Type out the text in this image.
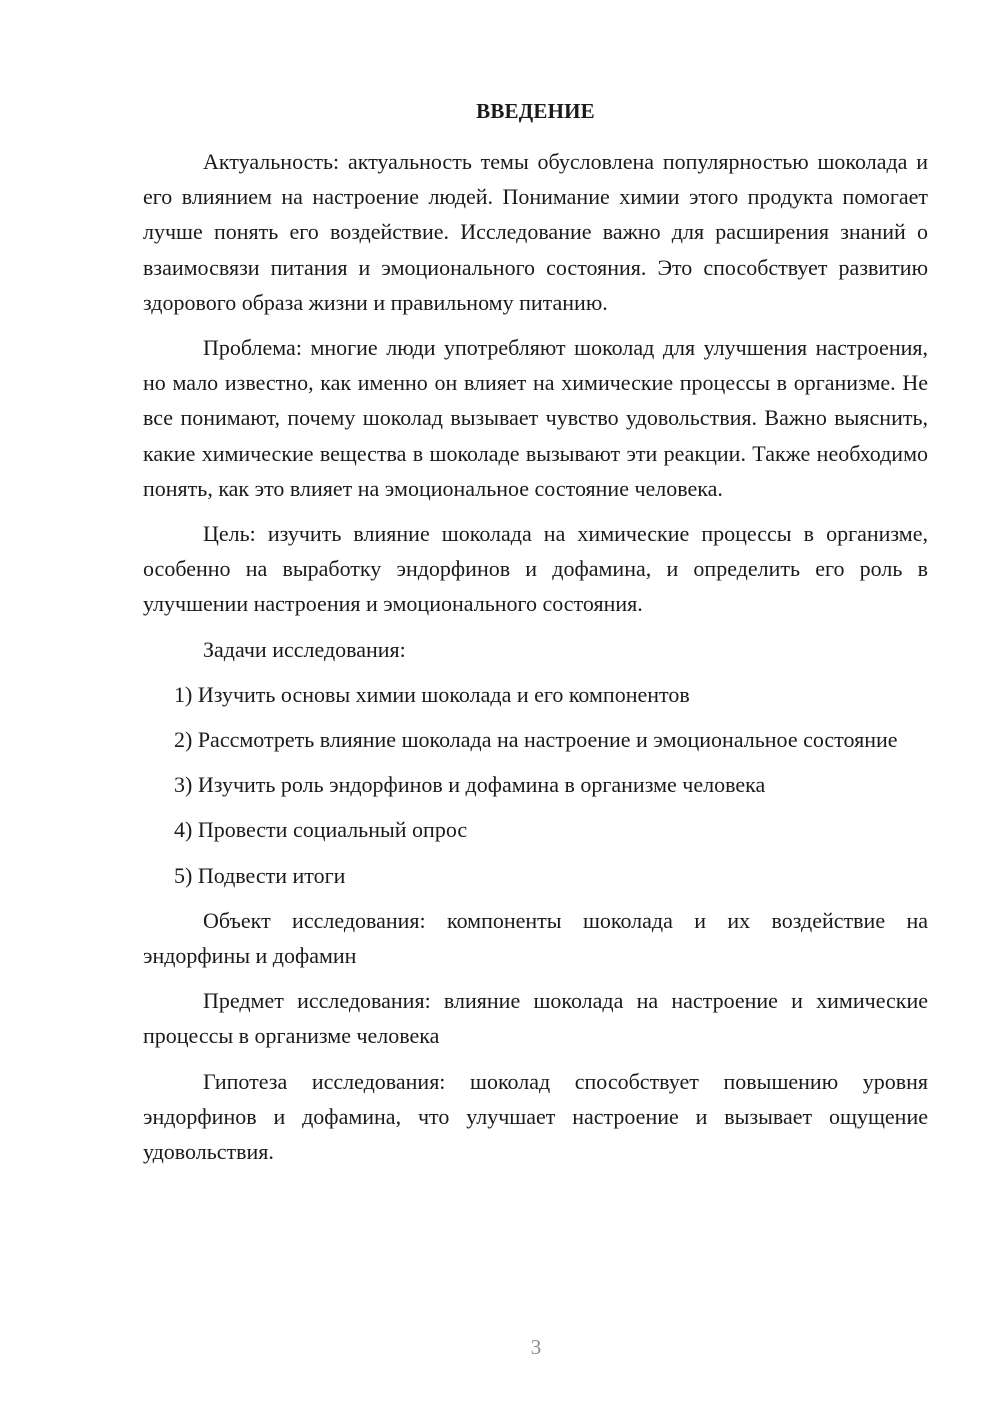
ВВЕДЕНИЕ

Актуальность: актуальность темы обусловлена популярностью шоколада и его влиянием на настроение людей. Понимание химии этого продукта помогает лучше понять его воздействие. Исследование важно для расширения знаний о взаимосвязи питания и эмоционального состояния. Это способствует развитию здорового образа жизни и правильному питанию.

Проблема: многие люди употребляют шоколад для улучшения настроения, но мало известно, как именно он влияет на химические процессы в организме. Не все понимают, почему шоколад вызывает чувство удовольствия. Важно выяснить, какие химические вещества в шоколаде вызывают эти реакции. Также необходимо понять, как это влияет на эмоциональное состояние человека.

Цель: изучить влияние шоколада на химические процессы в организме, особенно на выработку эндорфинов и дофамина, и определить его роль в улучшении настроения и эмоционального состояния.

Задачи исследования:

1) Изучить основы химии шоколада и его компонентов

2) Рассмотреть влияние шоколада на настроение и эмоциональное состояние

3) Изучить роль эндорфинов и дофамина в организме человека

4) Провести социальный опрос

5) Подвести итоги

Объект исследования: компоненты шоколада и их воздействие на эндорфины и дофамин

Предмет исследования: влияние шоколада на настроение и химические процессы в организме человека

Гипотеза исследования: шоколад способствует повышению уровня эндорфинов и дофамина, что улучшает настроение и вызывает ощущение удовольствия.

3
